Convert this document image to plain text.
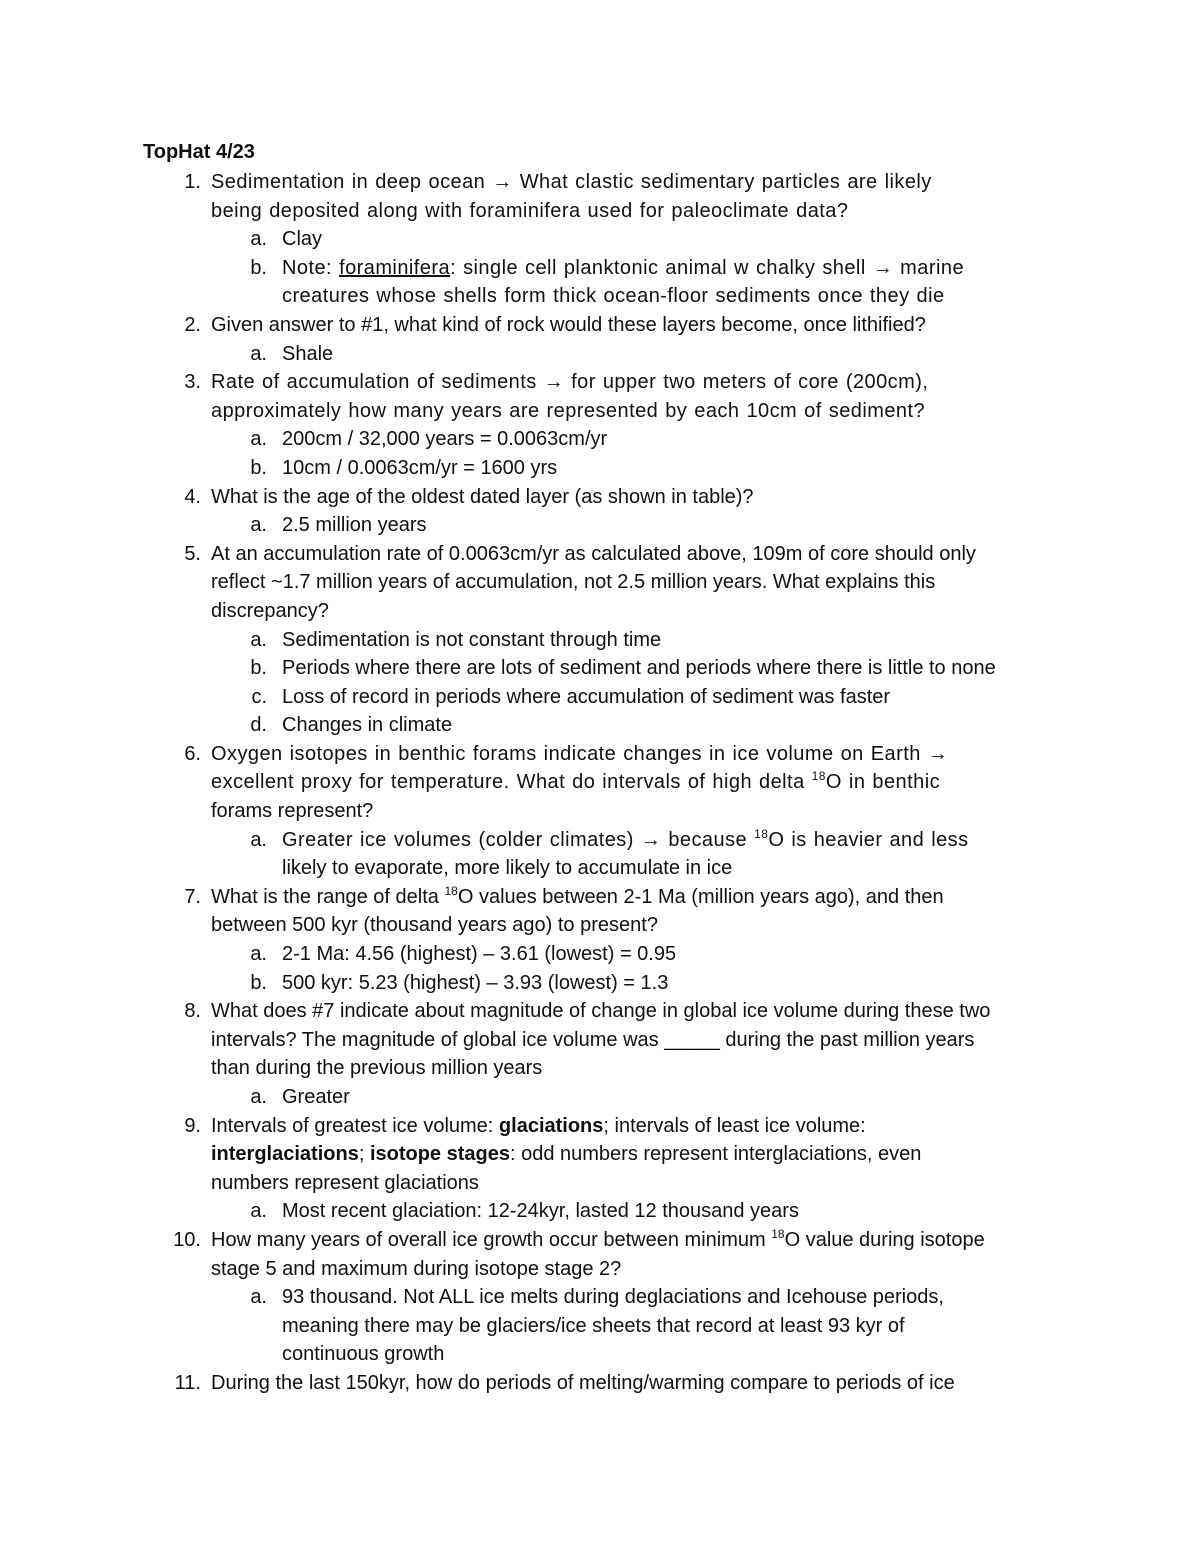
TopHat 4/23
1. Sedimentation in deep ocean → What clastic sedimentary particles are likely
being deposited along with foraminifera used for paleoclimate data?
a. Clay
b. Note: foraminifera: single cell planktonic animal w chalky shell → marine
creatures whose shells form thick ocean-floor sediments once they die
2. Given answer to #1, what kind of rock would these layers become, once lithified?
a. Shale
3. Rate of accumulation of sediments → for upper two meters of core (200cm),
approximately how many years are represented by each 10cm of sediment?
a. 200cm / 32,000 years = 0.0063cm/yr
b. 10cm / 0.0063cm/yr = 1600 yrs
4. What is the age of the oldest dated layer (as shown in table)?
a. 2.5 million years
5. At an accumulation rate of 0.0063cm/yr as calculated above, 109m of core should only
reflect ~1.7 million years of accumulation, not 2.5 million years. What explains this
discrepancy?
a. Sedimentation is not constant through time
b. Periods where there are lots of sediment and periods where there is little to none
c. Loss of record in periods where accumulation of sediment was faster
d. Changes in climate
6. Oxygen isotopes in benthic forams indicate changes in ice volume on Earth →
excellent proxy for temperature. What do intervals of high delta $^{18}$O in benthic
forams represent?
a. Greater ice volumes (colder climates) → because $^{18}$O is heavier and less
likely to evaporate, more likely to accumulate in ice
7. What is the range of delta $^{18}$O values between 2-1 Ma (million years ago), and then
between 500 kyr (thousand years ago) to present?
a. 2-1 Ma: 4.56 (highest) – 3.61 (lowest) = 0.95
b. 500 kyr: 5.23 (highest) – 3.93 (lowest) = 1.3
8. What does #7 indicate about magnitude of change in global ice volume during these two
intervals? The magnitude of global ice volume was _____ during the past million years
than during the previous million years
a. Greater
9. Intervals of greatest ice volume: glaciations; intervals of least ice volume:
interglaciations; isotope stages: odd numbers represent interglaciations, even
numbers represent glaciations
a. Most recent glaciation: 12-24kyr, lasted 12 thousand years
10. How many years of overall ice growth occur between minimum $^{18}$O value during isotope
stage 5 and maximum during isotope stage 2?
a. 93 thousand. Not ALL ice melts during deglaciations and Icehouse periods,
meaning there may be glaciers/ice sheets that record at least 93 kyr of
continuous growth
11. During the last 150kyr, how do periods of melting/warming compare to periods of ice
